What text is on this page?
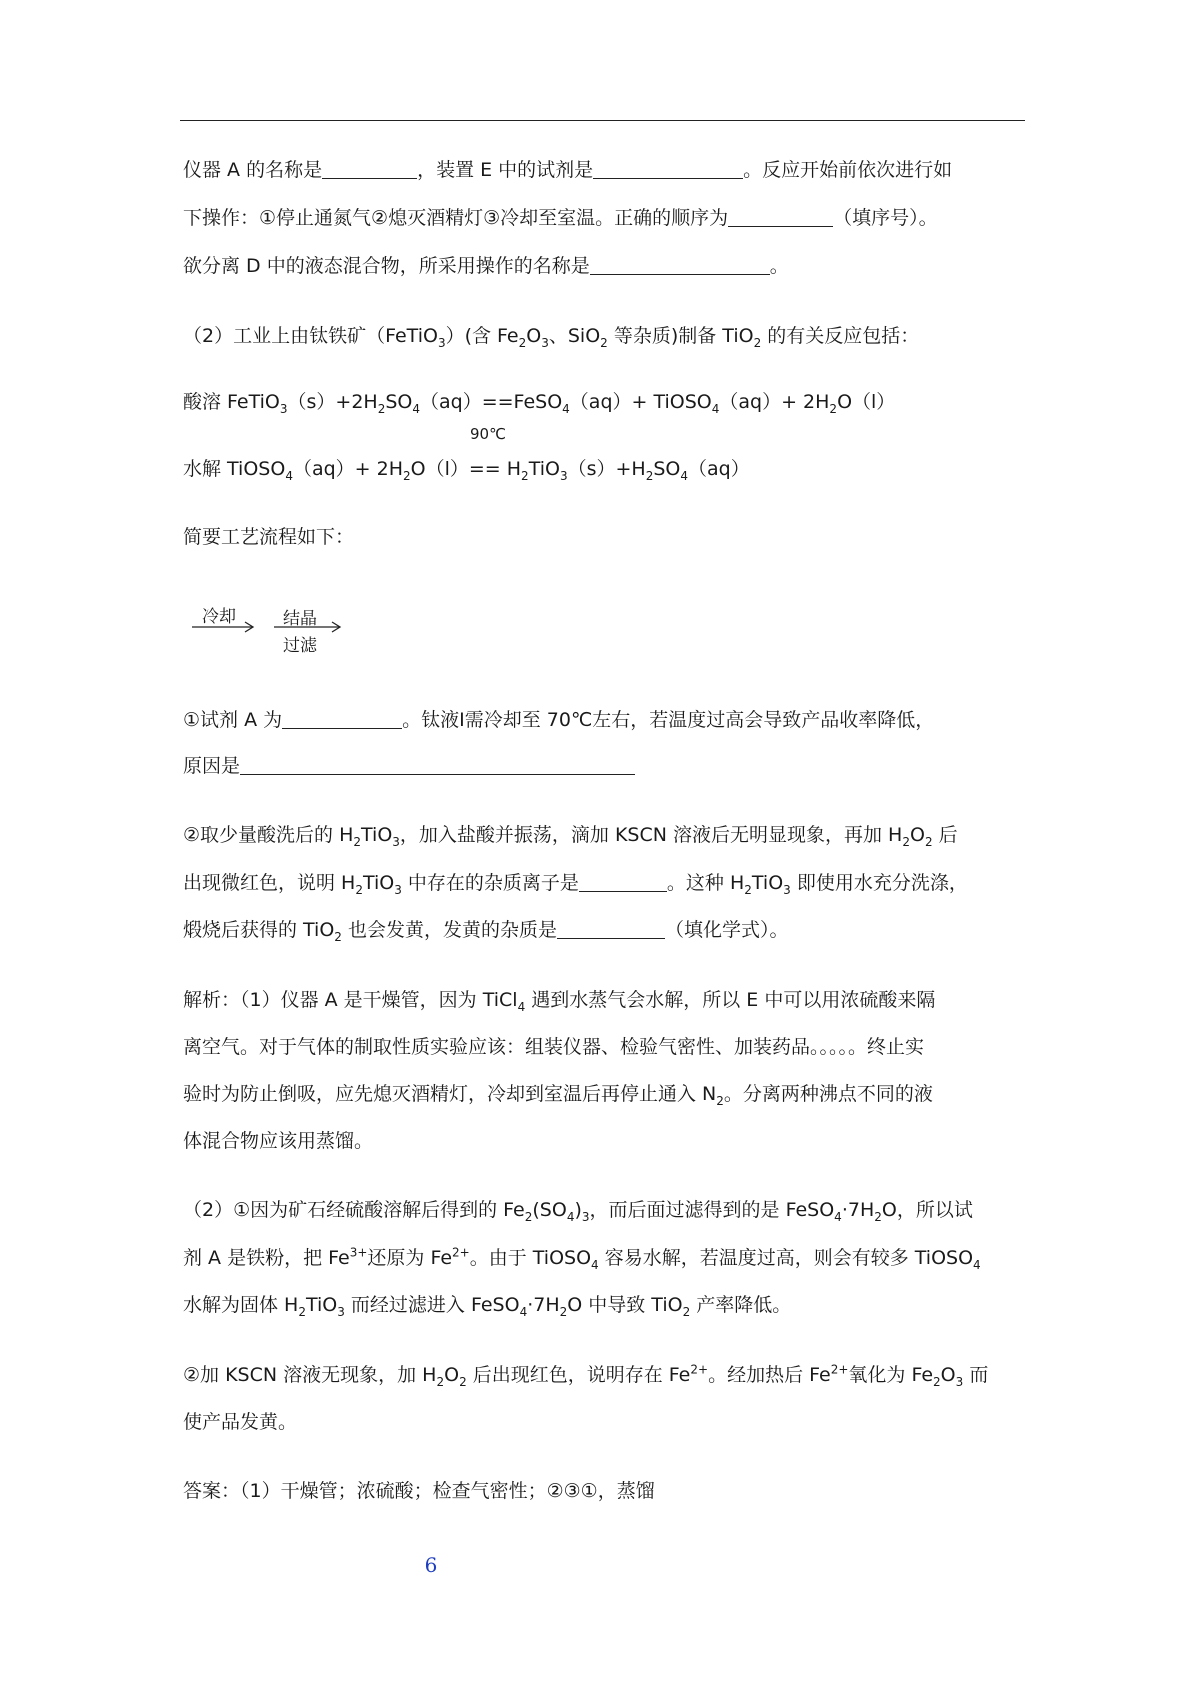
仪器 A 的名称是	，装置 E 中的试剂是	。反应开始前依次进行如
下操作：①停止通氮气②熄灭酒精灯③冷却至室温。正确的顺序为	（填序号）。
欲分离 D 中的液态混合物，所采用操作的名称是	。
（2）工业上由钛铁矿（FeTiO$_3$）(含 $Fe_2O_3$、SiO$_2$ 等杂质)制备 TiO$_2$ 的有关反应包括：
酸溶 $FeTiO_3(s)+2H_2SO_4(aq)==FeSO_4(aq)+$ TiOSO$_4$（aq）+ $2H_2O(l)$
90℃
水解 TiOSO$_4$（aq）+ $2H_2O(l)== H_2TiO_3(s)+H_2SO_4(aq)$
简要工艺流程如下：
冷却	结晶
过滤
①试剂 A 为	。钛液Ⅰ需冷却至 70℃左右，若温度过高会导致产品收率降低，
原因是
②取少量酸洗后的 $H_2TiO_3$，加入盐酸并振荡，滴加 KSCN 溶液后无明显现象，再加 $H_2O_2$ 后
出现微红色，说明 $H_2TiO_3$ 中存在的杂质离子是	。这种 $H_2TiO_3$ 即使用水充分洗涤，
煅烧后获得的 TiO$_2$ 也会发黄，发黄的杂质是	（填化学式）。
解析：（1）仪器 A 是干燥管，因为 TiCl$_4$ 遇到水蒸气会水解，所以 E 中可以用浓硫酸来隔
离空气。对于气体的制取性质实验应该：组装仪器、检验气密性、加装药品。。。。。终止实
验时为防止倒吸，应先熄灭酒精灯，冷却到室温后再停止通入 $N_2$。分离两种沸点不同的液
体混合物应该用蒸馏。
（2）①因为矿石经硫酸溶解后得到的 $Fe_2(SO_4)_3$，而后面过滤得到的是 $FeSO_4\cdot 7H_2O$，所以试
剂 A 是铁粉，把 $Fe^{3+}$还原为 $Fe^{2+}$。由于 TiOSO$_4$ 容易水解，若温度过高，则会有较多 TiOSO$_4$
水解为固体 $H_2TiO_3$ 而经过滤进入 $FeSO_4\cdot 7H_2O$ 中导致 TiO$_2$ 产率降低。
②加 KSCN 溶液无现象，加 $H_2O_2$ 后出现红色，说明存在 $Fe^{2+}$。经加热后 $Fe^{2+}$氧化为 $Fe_2O_3$ 而
使产品发黄。
答案：（1）干燥管；浓硫酸；检查气密性；②③①，蒸馏
6
